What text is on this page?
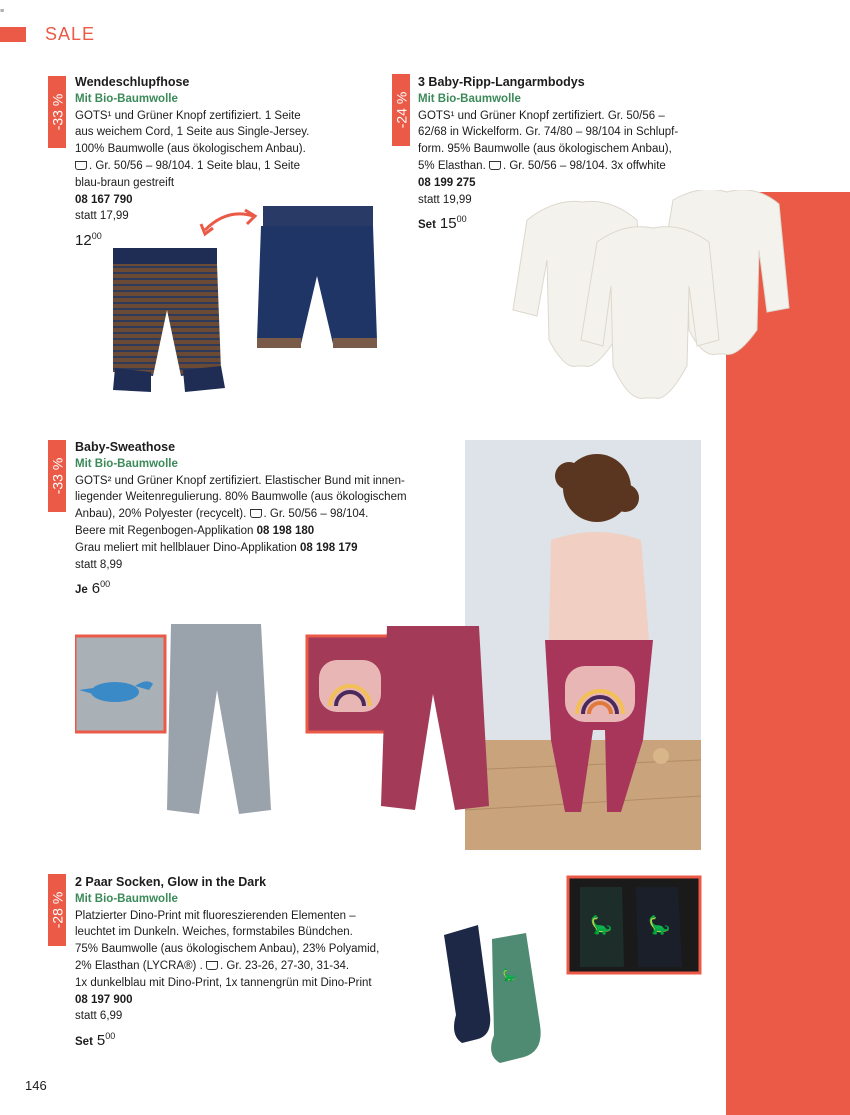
≡
SALE
-33 %
Wendeschlupfhose
Mit Bio-Baumwolle
GOTS¹ und Grüner Knopf zertifiziert. 1 Seite
aus weichem Cord, 1 Seite aus Single-Jersey.
100% Baumwolle (aus ökologischem Anbau).
. Gr. 50/56 – 98/104. 1 Seite blau, 1 Seite
blau-braun gestreift
08 167 790
statt 17,99
$12^{00}$
-24 %
3 Baby-Ripp-Langarmbodys
Mit Bio-Baumwolle
GOTS¹ und Grüner Knopf zertifiziert. Gr. 50/56 –
62/68 in Wickelform. Gr. 74/80 – 98/104 in Schlupf-
form. 95% Baumwolle (aus ökologischem Anbau),
5% Elasthan. . Gr. 50/56 – 98/104. 3x offwhite
08 199 275
statt 19,99
Set $15^{00}$
-33 %
Baby-Sweathose
Mit Bio-Baumwolle
GOTS² und Grüner Knopf zertifiziert. Elastischer Bund mit innen-
liegender Weitenregulierung. 80% Baumwolle (aus ökologischem
Anbau), 20% Polyester (recycelt). . Gr. 50/56 – 98/104.
Beere mit Regenbogen-Applikation 08 198 180
Grau meliert mit hellblauer Dino-Applikation 08 198 179
statt 8,99
Je $6^{00}$
-28 %
2 Paar Socken, Glow in the Dark
Mit Bio-Baumwolle
Platzierter Dino-Print mit fluoreszierenden Elementen –
leuchtet im Dunkeln. Weiches, formstabiles Bündchen.
75% Baumwolle (aus ökologischem Anbau), 23% Polyamid,
2% Elasthan (LYCRA®) . . Gr. 23-26, 27-30, 31-34.
1x dunkelblau mit Dino-Print, 1x tannengrün mit Dino-Print
08 197 900
statt 6,99
Set $5^{00}$
🦕
🦕 🦕
146
